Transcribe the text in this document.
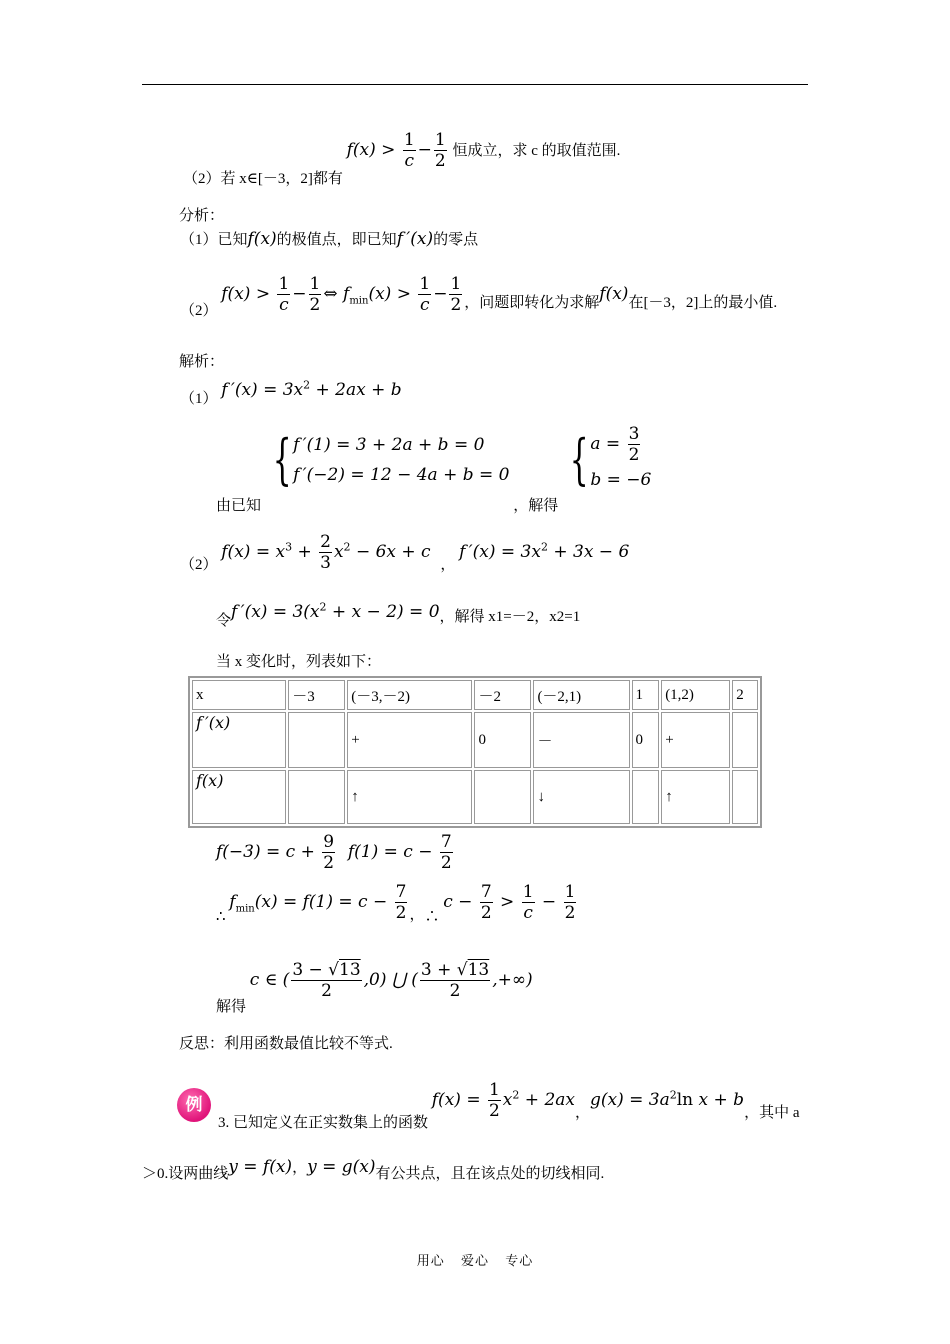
（2）若 x∈[－3，2]都有 $f(x) > \frac{1}{c} - \frac{1}{2}$ 恒成立，求 c 的取值范围.
分析：
（1）已知f(x)的极值点，即已知f ′(x)的零点
（2） $f(x) > \frac{1}{c} - \frac{1}{2}$ ⇔ $f_{min}(x) > \frac{1}{c} - \frac{1}{2}$ ，问题即转化为求解f(x)在[－3，2]上的最小值.
解析：
（1） f $'(x) = 3x^2 + 2ax + b$
由已知
{ f ′(1) = 3 + 2a + b = 0
f ′(−2) = 12 − 4a + b = 0
，解得
{ $a = \frac{3}{2}$

b = −6
（2） $f(x) = x^3 + \frac{2}{3} x^2 - 6x + c$ ， f $'(x) = 3x^2 + 3x - 6$
令f $'(x) = 3(x^2 + x - 2) = 0$，解得 x1=－2，x2=1
当 x 变化时，列表如下：
x	－3	(－3,－2)	－2	(－2,1)	1	(1,2)	2
f ′(x)		+	0	－	0	+	
f(x)		↑		↓		↑	
$f(-3) = c + \frac{9}{2} f(1) = c - \frac{7}{2}$
∴ $f_{min}(x) = f(1) = c - \frac{7}{2}$ ，∴ $c - \frac{7}{2} > \frac{1}{c} - \frac{1}{2}$
解得 c ∈ ( $\frac{3 - √13}{2} ,0$) ⋃ ( $\frac{3 + √13}{2}$ ,+∞)
反思：利用函数最值比较不等式.
例
3. 已知定义在正实数集上的函数 $f(x) = \frac{1}{2} x^2 + 2ax$，$g(x) = 3a^2\ln$ x + b，其中 a
＞0.设两曲线y = f(x)，y = g(x)有公共点，且在该点处的切线相同.
用心 爱心 专心
